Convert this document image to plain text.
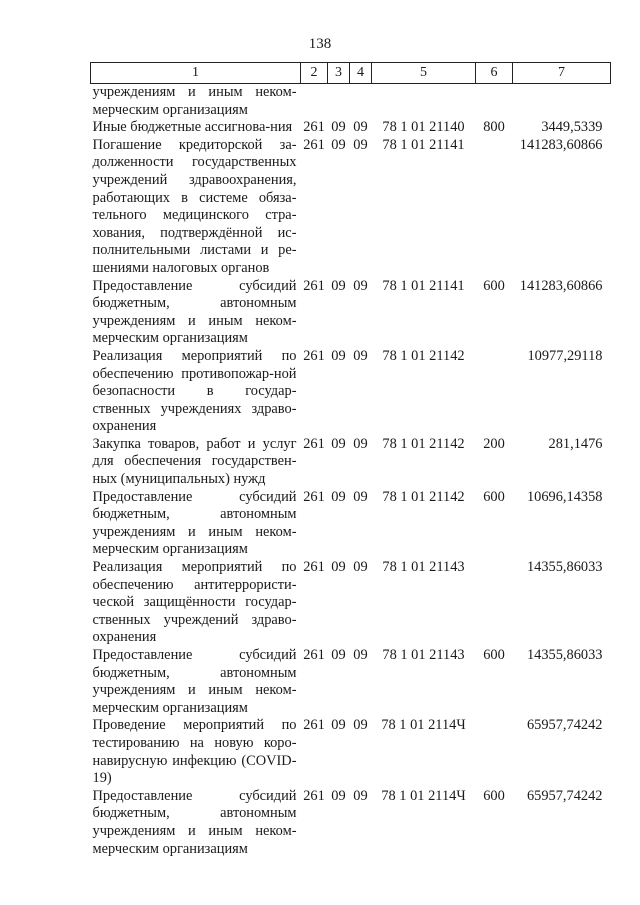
138
1	2	3	4	5	6	7
учреждениям и иным неком-мерческим организациям						
Иные бюджетные ассигнова-ния	261	09	09	78 1 01 21140	800	3449,5339
Погашение кредиторской за-долженности государственных учреждений здравоохранения, работающих в системе обяза-тельного медицинского стра-хования, подтверждённой ис-полнительными листами и ре-шениями налоговых органов	261	09	09	78 1 01 21141		141283,60866
Предоставление субсидий бюджетным, автономным учреждениям и иным неком-мерческим организациям	261	09	09	78 1 01 21141	600	141283,60866
Реализация мероприятий по обеспечению противопожар-ной безопасности в государ-ственных учреждениях здраво-охранения	261	09	09	78 1 01 21142		10977,29118
Закупка товаров, работ и услуг для обеспечения государствен-ных (муниципальных) нужд	261	09	09	78 1 01 21142	200	281,1476
Предоставление субсидий бюджетным, автономным учреждениям и иным неком-мерческим организациям	261	09	09	78 1 01 21142	600	10696,14358
Реализация мероприятий по обеспечению антитеррористи-ческой защищённости государ-ственных учреждений здраво-охранения	261	09	09	78 1 01 21143		14355,86033
Предоставление субсидий бюджетным, автономным учреждениям и иным неком-мерческим организациям	261	09	09	78 1 01 21143	600	14355,86033
Проведение мероприятий по тестированию на новую коро-навирусную инфекцию (COVID-19)	261	09	09	78 1 01 2114Ч		65957,74242
Предоставление субсидий бюджетным, автономным учреждениям и иным неком-мерческим организациям	261	09	09	78 1 01 2114Ч	600	65957,74242
